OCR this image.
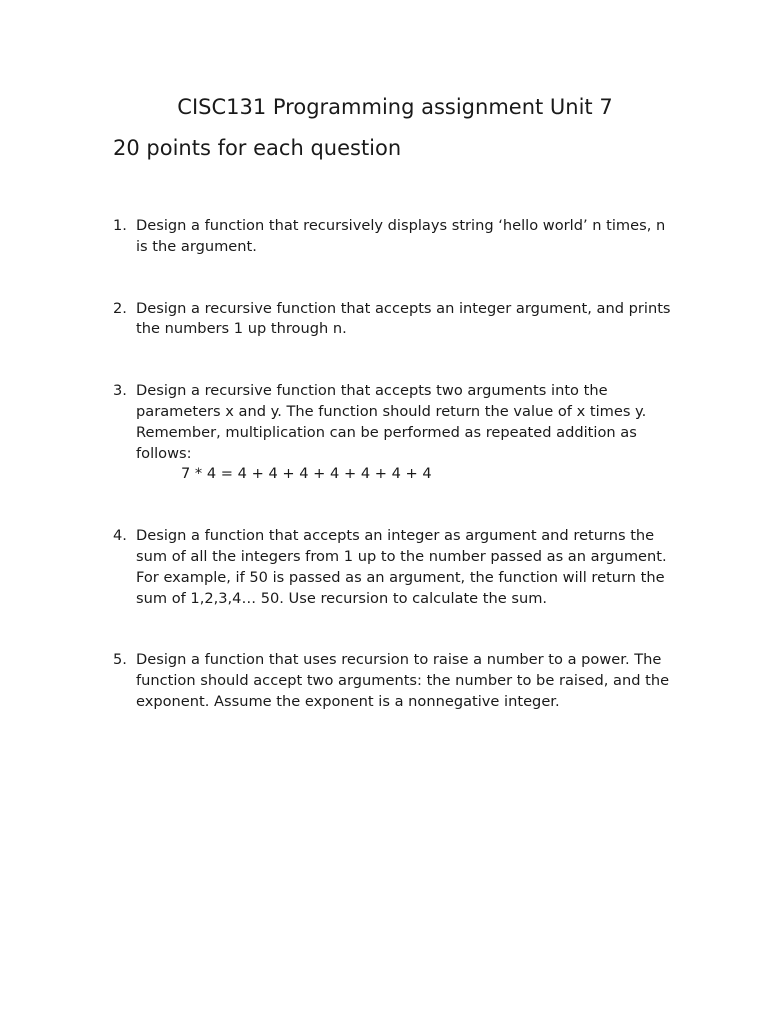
CISC131 Programming assignment Unit 7
20 points for each question
1. Design a function that recursively displays string ‘hello world’ n times, n is the argument.
2. Design a recursive function that accepts an integer argument, and prints the numbers 1 up through n.
3. Design a recursive function that accepts two arguments into the parameters x and y. The function should return the value of x times y. Remember, multiplication can be performed as repeated addition as follows:
7 * 4 = 4 + 4 + 4 + 4 + 4 + 4 + 4
4. Design a function that accepts an integer as argument and returns the sum of all the integers from 1 up to the number passed as an argument. For example, if 50 is passed as an argument, the function will return the sum of 1,2,3,4… 50. Use recursion to calculate the sum.
5. Design a function that uses recursion to raise a number to a power. The function should accept two arguments: the number to be raised, and the exponent. Assume the exponent is a nonnegative integer.
